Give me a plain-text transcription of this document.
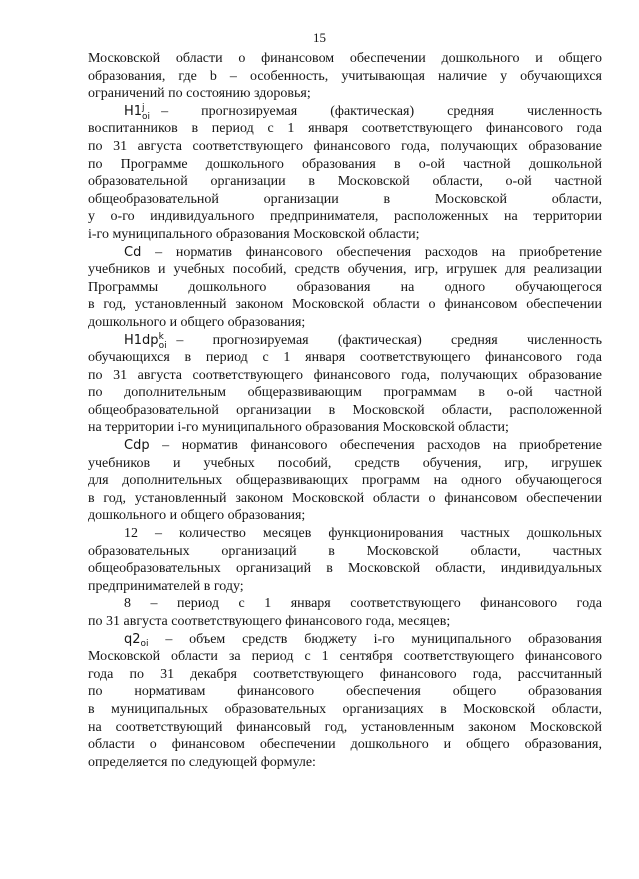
15
Московской области о финансовом обеспечении дошкольного и общего
образования, где b – особенность, учитывающая наличие у обучающихся
ограничений по состоянию здоровья;
H1 j
oi –   прогнозируемая   (фактическая)   средняя   численность
воспитанников в период с 1 января соответствующего финансового года
по 31 августа соответствующего финансового года, получающих образование
по Программе дошкольного образования в o-ой частной дошкольной
образовательной организации в Московской области, o-ой частной
общеобразовательной организации в Московской области,
у o-го индивидуального предпринимателя, расположенных на территории
i-го муниципального образования Московской области;
Cd – норматив финансового обеспечения расходов на приобретение
учебников и учебных пособий, средств обучения, игр, игрушек для реализации
Программы дошкольного образования на одного обучающегося
в год, установленный законом Московской области о финансовом обеспечении
дошкольного и общего образования;
H1dp k
oi –   прогнозируемая   (фактическая)   средняя   численность
обучающихся в период с 1 января соответствующего финансового года
по 31 августа соответствующего финансового года, получающих образование
по дополнительным общеразвивающим программам в o-ой частной
общеобразовательной организации в Московской области, расположенной
на территории i-го муниципального образования Московской области;
Cdp – норматив финансового обеспечения расходов на приобретение
учебников и учебных пособий, средств обучения, игр, игрушек
для дополнительных общеразвивающих программ на одного обучающегося
в год, установленный законом Московской области о финансовом обеспечении
дошкольного и общего образования;
12 – количество месяцев функционирования частных дошкольных
образовательных организаций в Московской области, частных
общеобразовательных организаций в Московской области, индивидуальных
предпринимателей в году;
8 – период с 1 января соответствующего финансового года
по 31 августа соответствующего финансового года, месяцев;
$q2_{oi}$ – объем средств бюджету i-го муниципального образования
Московской области за период с 1 сентября соответствующего финансового
года по 31 декабря соответствующего финансового года, рассчитанный
по нормативам финансового обеспечения общего образования
в муниципальных образовательных организациях в Московской области,
на соответствующий финансовый год, установленным законом Московской
области о финансовом обеспечении дошкольного и общего образования,
определяется по следующей формуле:
